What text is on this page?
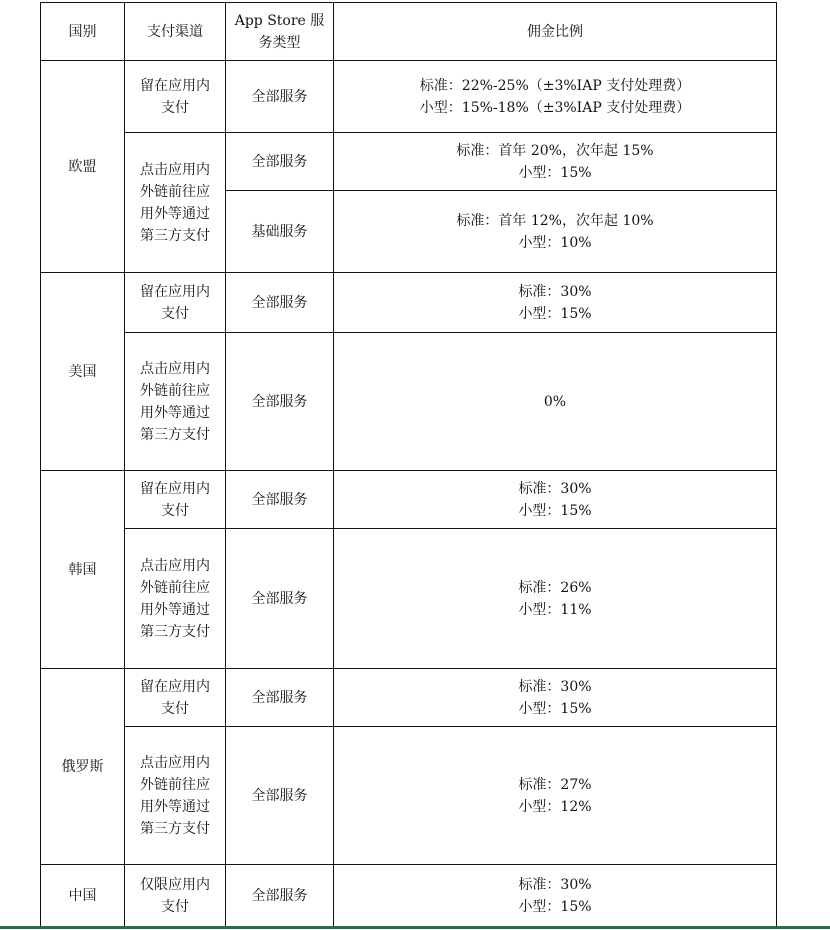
国别	支付渠道	App Store 服
务类型	佣金比例
欧盟	留在应用内
支付	全部服务	标准：22%-25%（±3%IAP 支付处理费）
小型：15%-18%（±3%IAP 支付处理费）

	点击应用内
外链前往应
用外等通过
第三方支付	全部服务	标准：首年 20%，次年起 15%
小型：15%

		基础服务	标准：首年 12%，次年起 10%
小型：10%

美国	留在应用内
支付	全部服务	标准：30%
小型：15%

	点击应用内
外链前往应
用外等通过
第三方支付	全部服务	0%

韩国	留在应用内
支付	全部服务	标准：30%
小型：15%

	点击应用内
外链前往应
用外等通过
第三方支付	全部服务	标准：26%
小型：11%

俄罗斯	留在应用内
支付	全部服务	标准：30%
小型：15%

	点击应用内
外链前往应
用外等通过
第三方支付	全部服务	标准：27%
小型：12%

中国	仅限应用内
支付	全部服务	标准：30%
小型：15%
